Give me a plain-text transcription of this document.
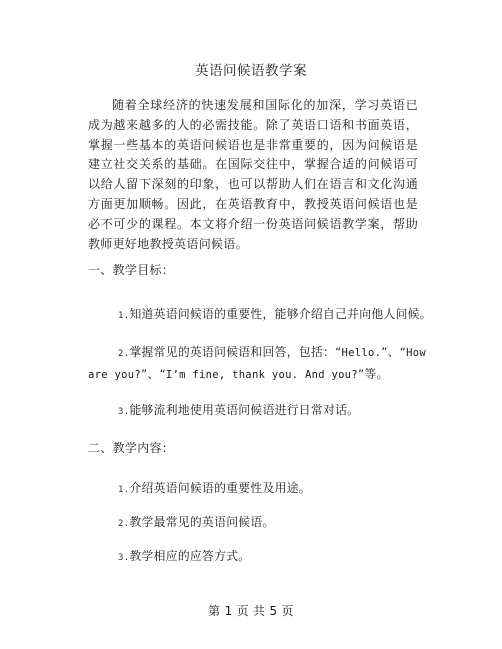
英语问候语教学案

随着全球经济的快速发展和国际化的加深，学习英语已成为越来越多的人的必需技能。除了英语口语和书面英语，掌握一些基本的英语问候语也是非常重要的，因为问候语是建立社交关系的基础。在国际交往中，掌握合适的问候语可以给人留下深刻的印象，也可以帮助人们在语言和文化沟通方面更加顺畅。因此，在英语教育中，教授英语问候语也是必不可少的课程。本文将介绍一份英语问候语教学案，帮助教师更好地教授英语问候语。

一、教学目标：
1.知道英语问候语的重要性，能够介绍自己并向他人问候。
2.掌握常见的英语问候语和回答，包括：“Hello.”、“How
are you?”、“I’m fine, thank you. And you?”等。
3.能够流利地使用英语问候语进行日常对话。
二、教学内容：
1.介绍英语问候语的重要性及用途。
2.教学最常见的英语问候语。
3.教学相应的应答方式。
第 1 页 共 5 页
